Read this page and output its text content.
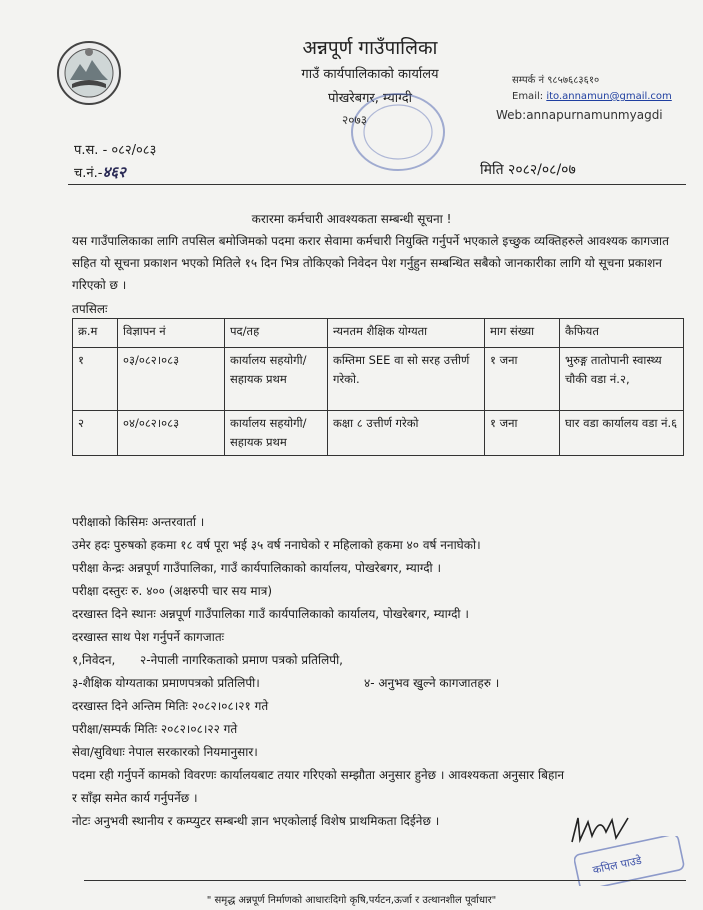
अन्नपूर्ण गाउँपालिका
गाउँ कार्यपालिकाको कार्यालय
पोखरेबगर, म्याग्दी
सम्पर्क नं ९८५७६८३६१०
Email: ito.annamun@gmail.com
Web:annapurnamunmyagdi
२०७३
प.स. - ०८२/०८३
च.नं.-४६२	मिति २०८२/०८/०७
करारमा कर्मचारी आवश्यकता सम्बन्धी सूचना !
यस गाउँपालिकाका लागि तपसिल बमोजिमको पदमा करार सेवामा कर्मचारी नियुक्ति गर्नुपर्ने भएकाले इच्छुक व्यक्तिहरुले आवश्यक कागजात सहित यो सूचना प्रकाशन भएको मितिले १५ दिन भित्र तोकिएको निवेदन पेश गर्नुहुन सम्बन्धित सबैको जानकारीका लागि यो सूचना प्रकाशन गरिएको छ ।
तपसिलः
क्र.म	विज्ञापन नं	पद/तह	न्यनतम शैक्षिक योग्यता	माग संख्या	कैफियत
१	०३/०८२।०८३	कार्यालय सहयोगी/ सहायक प्रथम	कम्तिमा SEE वा सो सरह उत्तीर्ण गरेको.	१ जना	भुरुङ्ग तातोपानी स्वास्थ्य चौकी वडा नं.२,
२	०४/०८२।०८३	कार्यालय सहयोगी/ सहायक प्रथम	कक्षा ८ उत्तीर्ण गरेको	१ जना	घार वडा कार्यालय वडा नं.६
परीक्षाको किसिमः अन्तरवार्ता ।
उमेर हदः पुरुषको हकमा १८ वर्ष पूरा भई ३५ वर्ष ननाघेको र महिलाको हकमा ४० वर्ष ननाघेको।
परीक्षा केन्द्रः अन्नपूर्ण गाउँपालिका, गाउँ कार्यपालिकाको कार्यालय, पोखरेबगर, म्याग्दी ।
परीक्षा दस्तुरः रु. ४०० (अक्षरुपी चार सय मात्र)
दरखास्त दिने स्थानः अन्नपूर्ण गाउँपालिका गाउँ कार्यपालिकाको कार्यालय, पोखरेबगर, म्याग्दी ।
दरखास्त साथ पेश गर्नुपर्ने कागजातः
१,निवेदन, २-नेपाली नागरिकताको प्रमाण पत्रको प्रतिलिपी,
३-शैक्षिक योग्यताका प्रमाणपत्रको प्रतिलिपी।	४- अनुभव खुल्ने कागजातहरु ।
दरखास्त दिने अन्तिम मितिः २०८२।०८।२१ गते
परीक्षा/सम्पर्क मितिः २०८२।०८।२२ गते
सेवा/सुविधाः नेपाल सरकारको नियमानुसार।
पदमा रही गर्नुपर्ने कामको विवरणः कार्यालयबाट तयार गरिएको सम्झौता अनुसार हुनेछ । आवश्यकता अनुसार बिहान
र साँझ समेत कार्य गर्नुपर्नेछ ।
नोटः अनुभवी स्थानीय र कम्प्युटर सम्बन्धी ज्ञान भएकोलाई विशेष प्राथमिकता दिईनेछ ।
कपिल पाउडे
" समृद्ध अन्नपूर्ण निर्माणको आधारःदिगो कृषि,पर्यटन,ऊर्जा र उत्थानशील पूर्वाधार"
